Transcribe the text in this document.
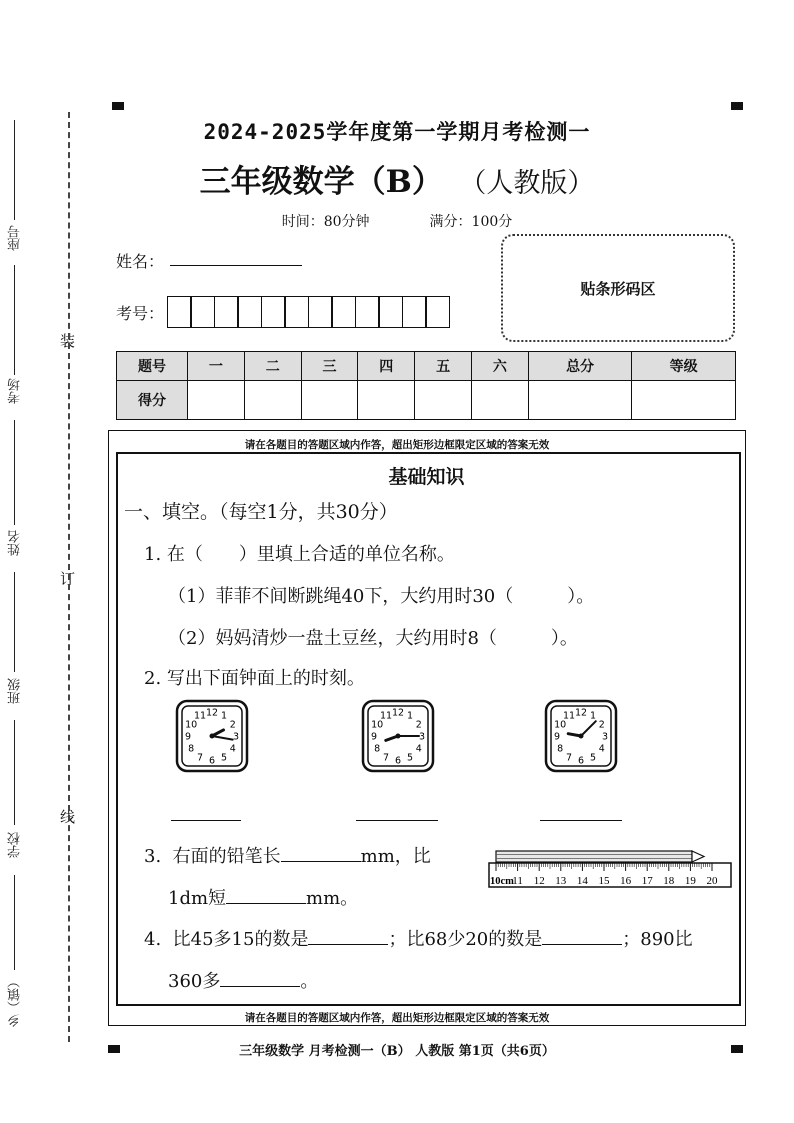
座号
考场
姓名
班级
学校
乡（镇）
装
订
线
2024-2025学年度第一学期月考检测一
三年级数学（B） （人教版）
时间：80分钟	满分：100分
姓名：
考号：
贴条形码区
题号	一	二	三	四	五	六	总分	等级
得分								
请在各题目的答题区域内作答，超出矩形边框限定区域的答案无效
基础知识
一、填空。（每空1分，共30分）
1. 在（　　）里填上合适的单位名称。
（1）菲菲不间断跳绳40下，大约用时30（　　　）。
（2）妈妈清炒一盘土豆丝，大约用时8（　　　）。
2. 写出下面钟面上的时刻。
12 1
2
3
4
5
6
7
8
9
10
11	12 1
2
3
4
5
6
7
8
9
10
11	12 1
2
3
4
5
6
7
8
9
10
11
3. 右面的铅笔长	mm，比
1dm短	mm。
10cm
11 12 13 14 15 16 17 18 19 20
4. 比45多15的数是	；比68少20的数是	；890比
360多	。
请在各题目的答题区域内作答，超出矩形边框限定区域的答案无效
三年级数学 月考检测一（B） 人教版 第1页（共6页）
